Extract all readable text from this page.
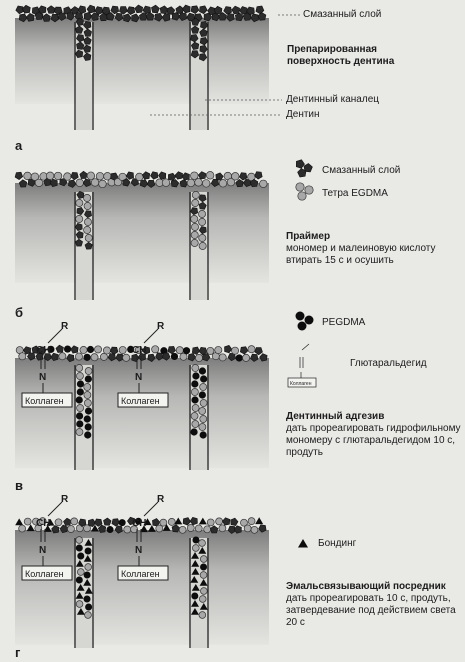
R
CH
N
Коллаген
R
CH
N
Коллаген
Коллаген
R
CH
N
Коллаген
R
CH
N
Коллаген
Смазанный слой
Препарированная
поверхность дентина
Дентинный каналец
Дентин
а
Смазанный слой
Тетра EGDMA
Праймер
мономер и малеиновую кислоту
втирать 15 с и осушить
б
PEGDMA
Глютаральдегид
Дентинный адгезив
дать прореагировать гидрофильному
мономеру с глютаральдегидом 10 с,
продуть
в
Бондинг
Эмальсвязывающий посредник
дать прореагировать 10 с, продуть,
затвердевание под действием света
20 с
г
